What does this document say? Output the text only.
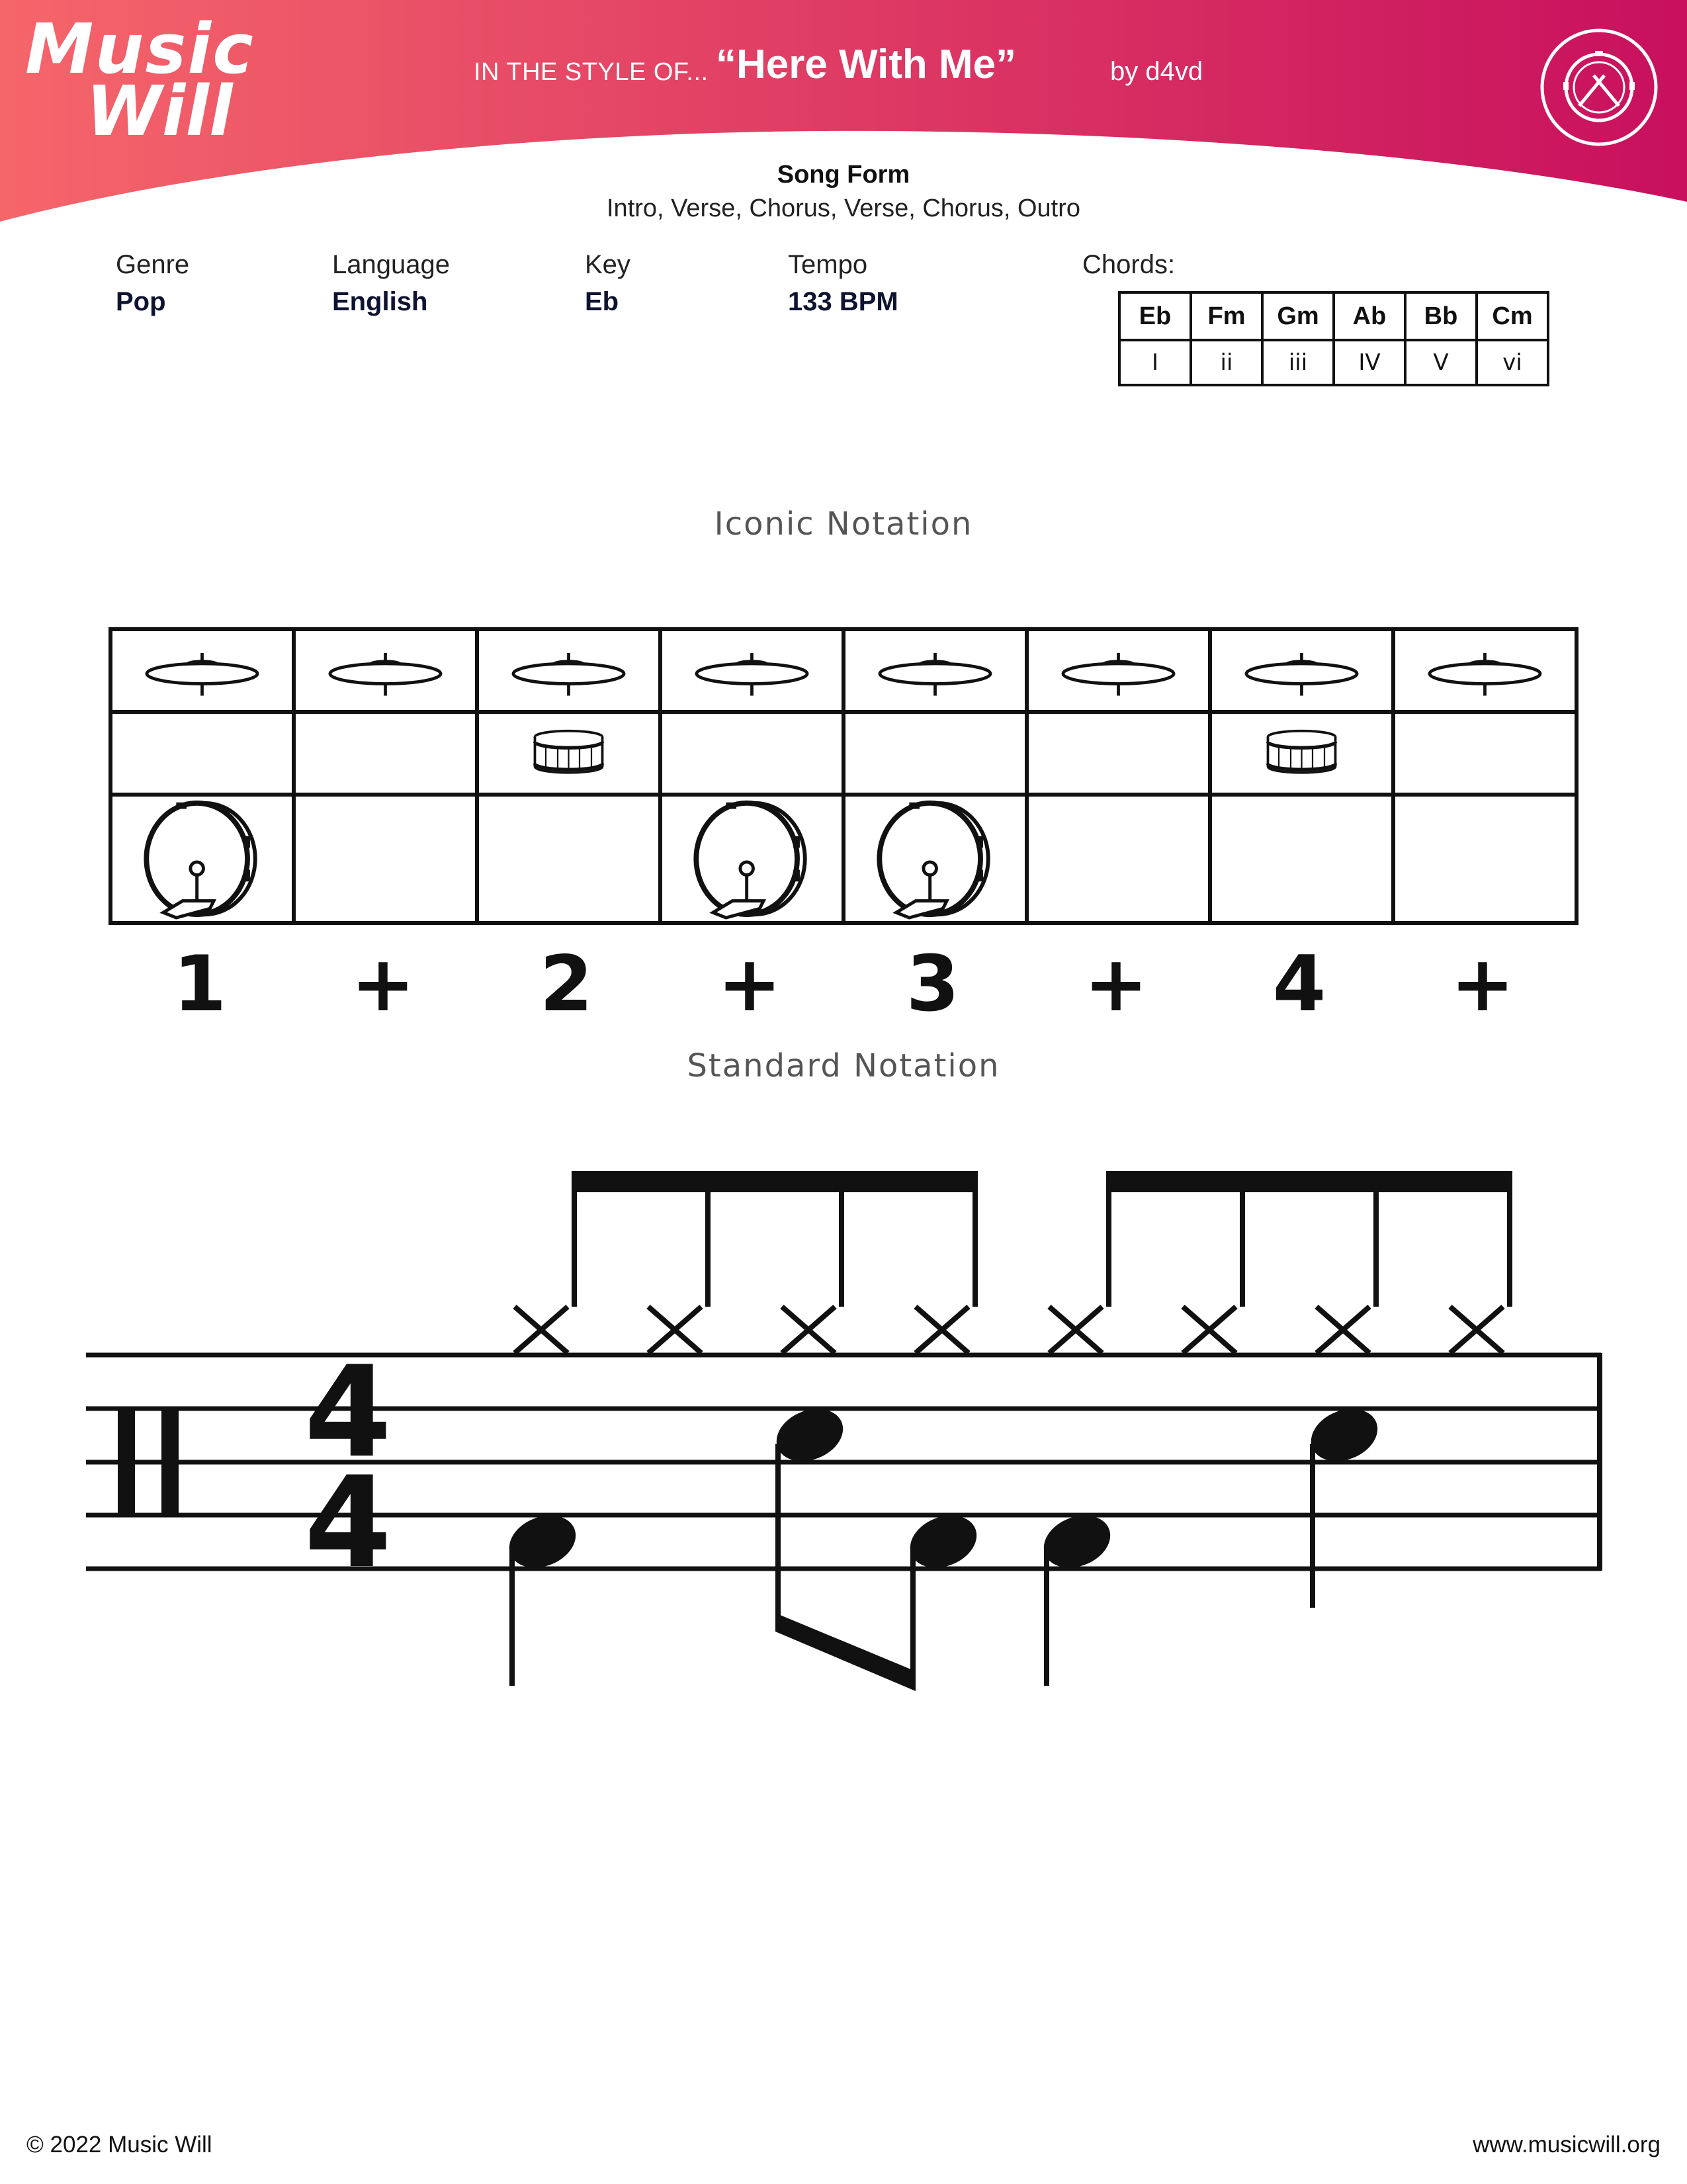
Music
Will	IN THE STYLE OF... “Here With Me”	by d4vd
Song Form
Intro, Verse, Chorus, Verse, Chorus, Outro
Genre
Pop
Language
English
Key
Eb
Tempo
133 BPM
Chords:
Eb	Fm	Gm	Ab	Bb	Cm
I	ii	iii	IV	V	vi
Iconic Notation
1	+	2	+	3	+	4	+
Standard Notation
4
4
© 2022 Music Will	www.musicwill.org
